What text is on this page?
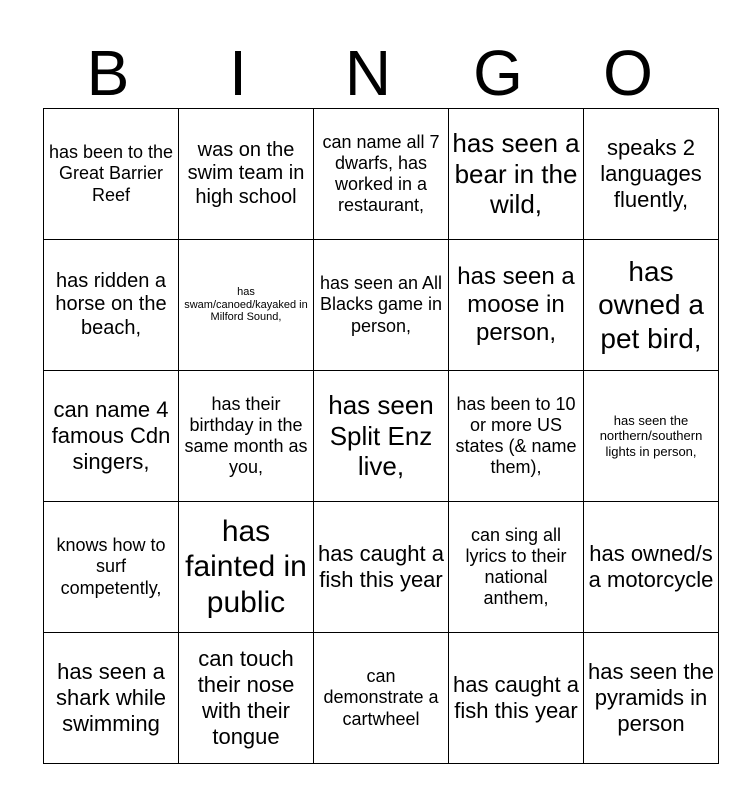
B	I	N	G	O
has been to the Great Barrier Reef	was on the swim team in high school	can name all 7 dwarfs, has worked in a restaurant,	has seen a bear in the wild,	speaks 2 languages fluently,
has ridden a horse on the beach,	has swam/canoed/kayaked in Milford Sound,	has seen an All Blacks game in person,	has seen a moose in person,	has owned a pet bird,
can name 4 famous Cdn singers,	has their birthday in the same month as you,	has seen Split Enz live,	has been to 10 or more US states (& name them),	has seen the northern/southern lights in person,
knows how to surf competently,	has fainted in public	has caught a fish this year	can sing all lyrics to their national anthem,	has owned/s a motorcycle
has seen a shark while swimming	can touch their nose with their tongue	can demonstrate a cartwheel	has caught a fish this year	has seen the pyramids in person
